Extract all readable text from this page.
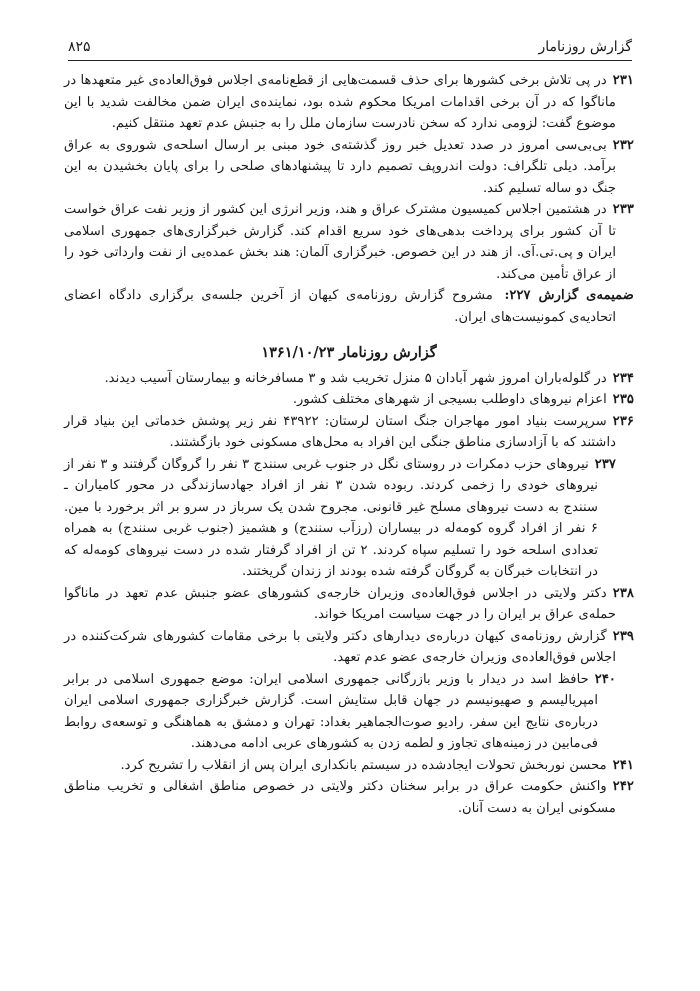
گزارش روزنامار
۸۲۵

۲۳۱در پی تلاش برخی کشورها برای حذف قسمت‌هایی از قطع‌نامه‌ی اجلاس فوق‌العاده‌ی غیر متعهدها در ماناگوا که در آن برخی اقدامات امریکا محکوم شده بود، نماینده‌ی ایران ضمن مخالفت شدید با این موضوع گفت: لزومی ندارد که سخن نادرست سازمان ملل را به جنبش عدم تعهد منتقل کنیم.

۲۳۲بی‌بی‌سی امروز در صدد تعدیل خبر روز گذشته‌ی خود مبنی بر ارسال اسلحه‌ی شوروی به عراق برآمد. دیلی تلگراف: دولت اندروپف تصمیم دارد تا پیشنهادهای صلحی را برای پایان بخشیدن به این جنگ دو ساله تسلیم کند.

۲۳۳در هشتمین اجلاس کمیسیون مشترک عراق و هند، وزیر انرژی این کشور از وزیر نفت عراق خواست تا آن کشور برای پرداخت بدهی‌های خود سریع اقدام کند. گزارش خبرگزاری‌های جمهوری اسلامی ایران و پی.تی.آی. از هند در این خصوص. خبرگزاری آلمان: هند بخش عمده‌یی از نفت وارداتی خود را از عراق تأمین می‌کند.

ضمیمه‌ی گزارش ۲۲۷: مشروح گزارش روزنامه‌ی کیهان از آخرین جلسه‌ی برگزاری دادگاه اعضای اتحادیه‌ی کمونیست‌های ایران.

گزارش روزنامار ۱۳۶۱/۱۰/۲۳

۲۳۴در گلوله‌باران امروز شهر آبادان ۵ منزل تخریب شد و ۳ مسافرخانه و بیمارستان آسیب دیدند.

۲۳۵اعزام نیروهای داوطلب بسیجی از شهرهای مختلف کشور.

۲۳۶سرپرست بنیاد امور مهاجران جنگ استان لرستان: ۴۳۹۲۲ نفر زیر پوشش خدماتی این بنیاد قرار داشتند که با آزادسازی مناطق جنگی این افراد به محل‌های مسکونی خود بازگشتند.

۲۳۷نیروهای حزب دمکرات در روستای نگل در جنوب غربی سنندج ۳ نفر را گروگان گرفتند و ۳ نفر از نیروهای خودی را زخمی کردند. ربوده شدن ۳ نفر از افراد جهادسازندگی در محور کامیاران ـ سنندج به دست نیروهای مسلح غیر قانونی. مجروح شدن یک سرباز در سرو بر اثر برخورد با مین. ۶ نفر از افراد گروه کومه‌له در بیساران (رزآب سنندج) و هشمیز (جنوب غربی سنندج) به همراه تعدادی اسلحه خود را تسلیم سپاه کردند. ۲ تن از افراد گرفتار شده در دست نیروهای کومه‌له که در انتخابات خبرگان به گروگان گرفته شده بودند از زندان گریختند.

۲۳۸دکتر ولایتی در اجلاس فوق‌العاده‌ی وزیران خارجه‌ی کشورهای عضو جنبش عدم تعهد در ماناگوا حمله‌ی عراق بر ایران را در جهت سیاست امریکا خواند.

۲۳۹گزارش روزنامه‌ی کیهان درباره‌ی دیدارهای دکتر ولایتی با برخی مقامات کشورهای شرکت‌کننده در اجلاس فوق‌العاده‌ی وزیران خارجه‌ی عضو عدم تعهد.

۲۴۰حافظ اسد در دیدار با وزیر بازرگانی جمهوری اسلامی ایران: موضع جمهوری اسلامی در برابر امپریالیسم و صهیونیسم در جهان قابل ستایش است. گزارش خبرگزاری جمهوری اسلامی ایران درباره‌ی نتایج این سفر. رادیو صوت‌الجماهیر بغداد: تهران و دمشق به هماهنگی و توسعه‌ی روابط فی‌مابین در زمینه‌های تجاوز و لطمه زدن به کشورهای عربی ادامه می‌دهند.

۲۴۱محسن نوربخش تحولات ایجادشده در سیستم بانکداری ایران پس از انقلاب را تشریح کرد.

۲۴۲واکنش حکومت عراق در برابر سخنان دکتر ولایتی در خصوص مناطق اشغالی و تخریب مناطق مسکونی ایران به دست آنان.
